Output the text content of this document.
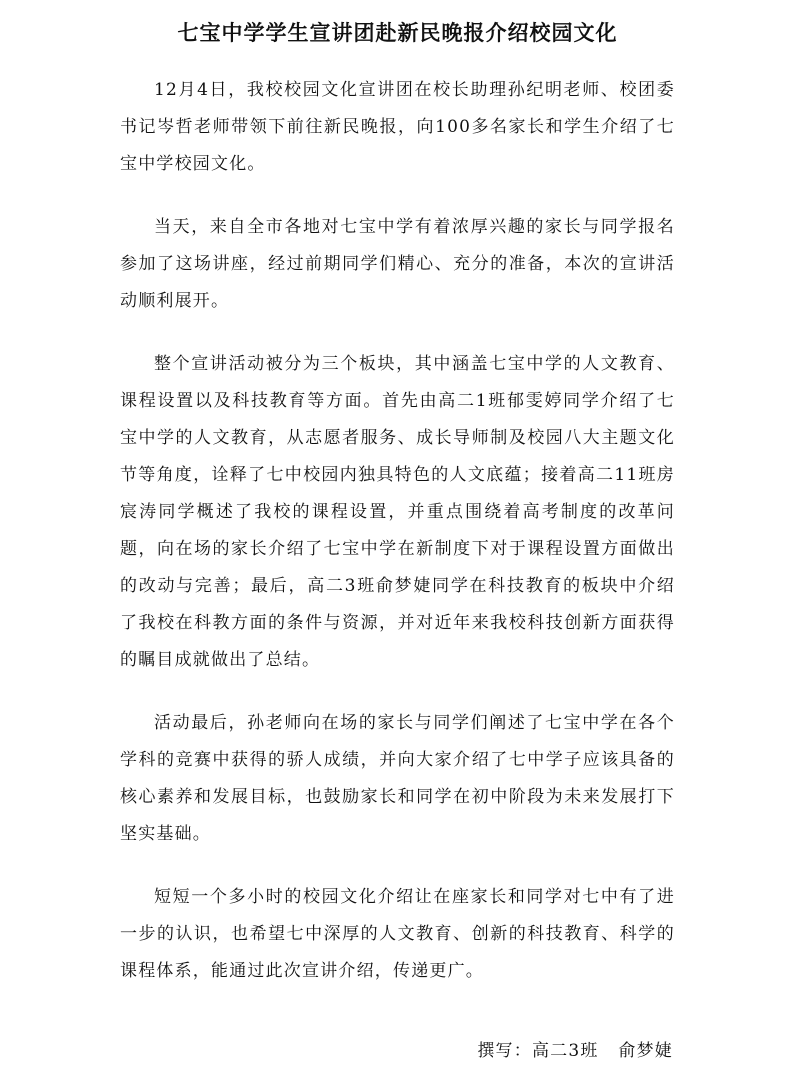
七宝中学学生宣讲团赴新民晚报介绍校园文化

12月4日，我校校园文化宣讲团在校长助理孙纪明老师、校团委书记岑哲老师带领下前往新民晚报，向100多名家长和学生介绍了七宝中学校园文化。

当天，来自全市各地对七宝中学有着浓厚兴趣的家长与同学报名参加了这场讲座，经过前期同学们精心、充分的准备，本次的宣讲活动顺利展开。

整个宣讲活动被分为三个板块，其中涵盖七宝中学的人文教育、课程设置以及科技教育等方面。首先由高二1班郁雯婷同学介绍了七宝中学的人文教育，从志愿者服务、成长导师制及校园八大主题文化节等角度，诠释了七中校园内独具特色的人文底蕴；接着高二11班房宸涛同学概述了我校的课程设置，并重点围绕着高考制度的改革问题，向在场的家长介绍了七宝中学在新制度下对于课程设置方面做出的改动与完善；最后，高二3班俞梦婕同学在科技教育的板块中介绍了我校在科教方面的条件与资源，并对近年来我校科技创新方面获得的瞩目成就做出了总结。

活动最后，孙老师向在场的家长与同学们阐述了七宝中学在各个学科的竞赛中获得的骄人成绩，并向大家介绍了七中学子应该具备的核心素养和发展目标，也鼓励家长和同学在初中阶段为未来发展打下坚实基础。

短短一个多小时的校园文化介绍让在座家长和同学对七中有了进一步的认识，也希望七中深厚的人文教育、创新的科技教育、科学的课程体系，能通过此次宣讲介绍，传递更广。

撰写：高二3班   俞梦婕
